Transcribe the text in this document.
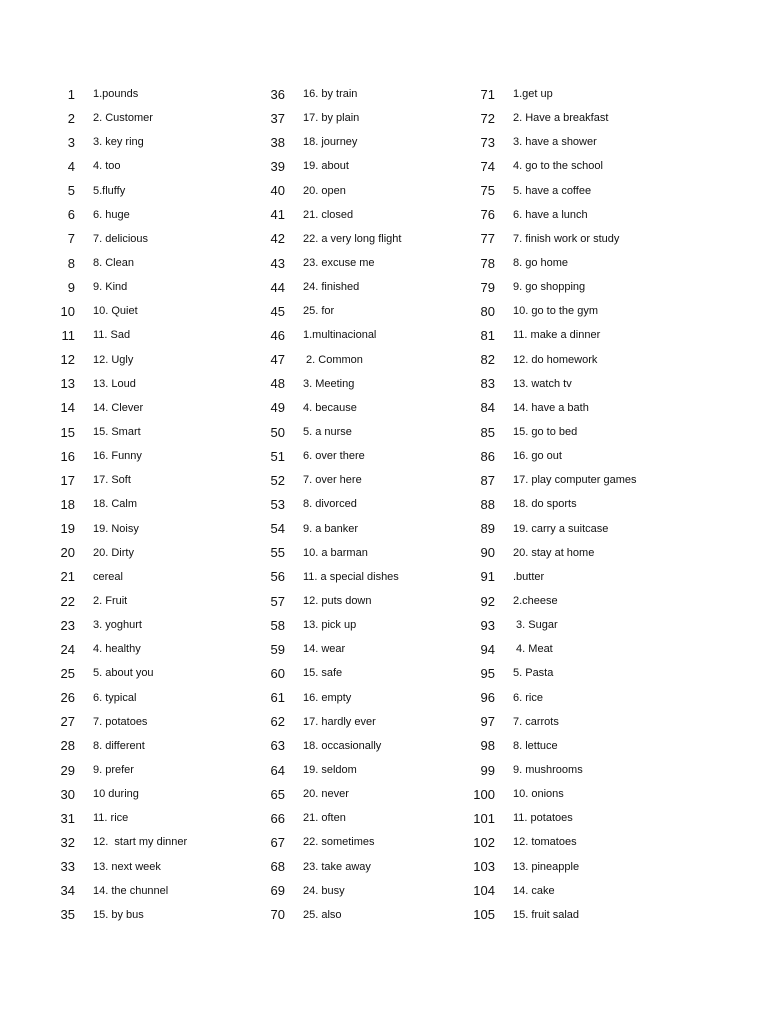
1 1.pounds
2 2. Customer
3 3. key ring
4 4. too
5 5.fluffy
6 6. huge
7 7. delicious
8 8. Clean
9 9. Kind
10 10. Quiet
11 11. Sad
12 12. Ugly
13 13. Loud
14 14. Clever
15 15. Smart
16 16. Funny
17 17. Soft
18 18. Calm
19 19. Noisy
20 20. Dirty
21 cereal
22 2. Fruit
23 3. yoghurt
24 4. healthy
25 5. about you
26 6. typical
27 7. potatoes
28 8. different
29 9. prefer
30 10 during
31 11. rice
32 12.  start my dinner
33 13. next week
34 14. the chunnel
35 15. by bus
36 16. by train
37 17. by plain
38 18. journey
39 19. about
40 20. open
41 21. closed
42 22. a very long flight
43 23. excuse me
44 24. finished
45 25. for
46 1.multinacional
47 2. Common
48 3. Meeting
49 4. because
50 5. a nurse
51 6. over there
52 7. over here
53 8. divorced
54 9. a banker
55 10. a barman
56 11. a special dishes
57 12. puts down
58 13. pick up
59 14. wear
60 15. safe
61 16. empty
62 17. hardly ever
63 18. occasionally
64 19. seldom
65 20. never
66 21. often
67 22. sometimes
68 23. take away
69 24. busy
70 25. also
71 1.get up
72 2. Have a breakfast
73 3. have a shower
74 4. go to the school
75 5. have a coffee
76 6. have a lunch
77 7. finish work or study
78 8. go home
79 9. go shopping
80 10. go to the gym
81 11. make a dinner
82 12. do homework
83 13. watch tv
84 14. have a bath
85 15. go to bed
86 16. go out
87 17. play computer games
88 18. do sports
89 19. carry a suitcase
90 20. stay at home
91 .butter
92 2.cheese
93 3. Sugar
94 4. Meat
95 5. Pasta
96 6. rice
97 7. carrots
98 8. lettuce
99 9. mushrooms
100 10. onions
101 11. potatoes
102 12. tomatoes
103 13. pineapple
104 14. cake
105 15. fruit salad
